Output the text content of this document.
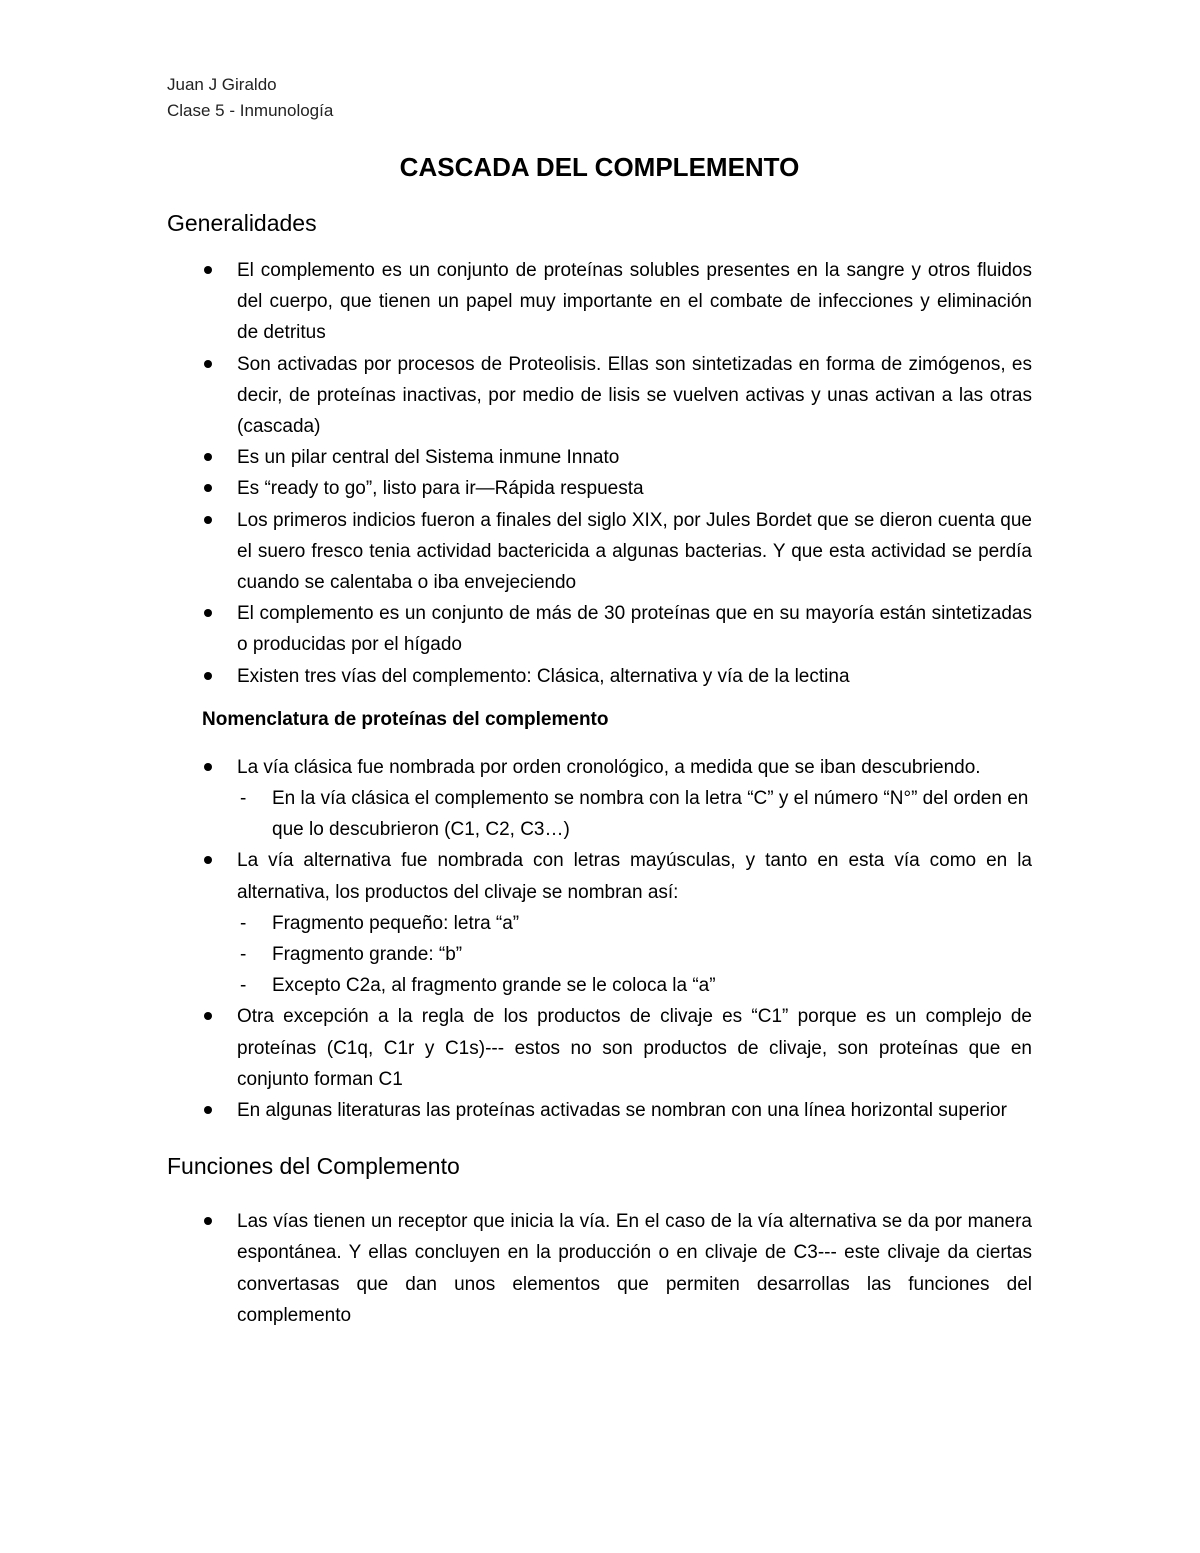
Juan J Giraldo
Clase 5 - Inmunología
CASCADA DEL COMPLEMENTO
Generalidades
El complemento es un conjunto de proteínas solubles presentes en la sangre y otros fluidos del cuerpo, que tienen un papel muy importante en el combate de infecciones y eliminación de detritus
Son activadas por procesos de Proteolisis. Ellas son sintetizadas en forma de zimógenos, es decir, de proteínas inactivas, por medio de lisis se vuelven activas y unas activan a las otras (cascada)
Es un pilar central del Sistema inmune Innato
Es “ready to go”, listo para ir—Rápida respuesta
Los primeros indicios fueron a finales del siglo XIX, por Jules Bordet que se dieron cuenta que el suero fresco tenia actividad bactericida a algunas bacterias. Y que esta actividad se perdía cuando se calentaba o iba envejeciendo
El complemento es un conjunto de más de 30 proteínas que en su mayoría están sintetizadas o producidas por el hígado
Existen tres vías del complemento: Clásica, alternativa y vía de la lectina
Nomenclatura de proteínas del complemento
La vía clásica fue nombrada por orden cronológico, a medida que se iban descubriendo.
- En la vía clásica el complemento se nombra con la letra “C” y el número “N°” del orden en que lo descubrieron (C1, C2, C3…)
La vía alternativa fue nombrada con letras mayúsculas, y tanto en esta vía como en la alternativa, los productos del clivaje se nombran así:
- Fragmento pequeño: letra “a”
- Fragmento grande: “b”
- Excepto C2a, al fragmento grande se le coloca la “a”
Otra excepción a la regla de los productos de clivaje es “C1” porque es un complejo de proteínas (C1q, C1r y C1s)--- estos no son productos de clivaje, son proteínas que en conjunto forman C1
En algunas literaturas las proteínas activadas se nombran con una línea horizontal superior
Funciones del Complemento
Las vías tienen un receptor que inicia la vía. En el caso de la vía alternativa se da por manera espontánea. Y ellas concluyen en la producción o en clivaje de C3--- este clivaje da ciertas convertasas que dan unos elementos que permiten desarrollas las funciones del complemento
